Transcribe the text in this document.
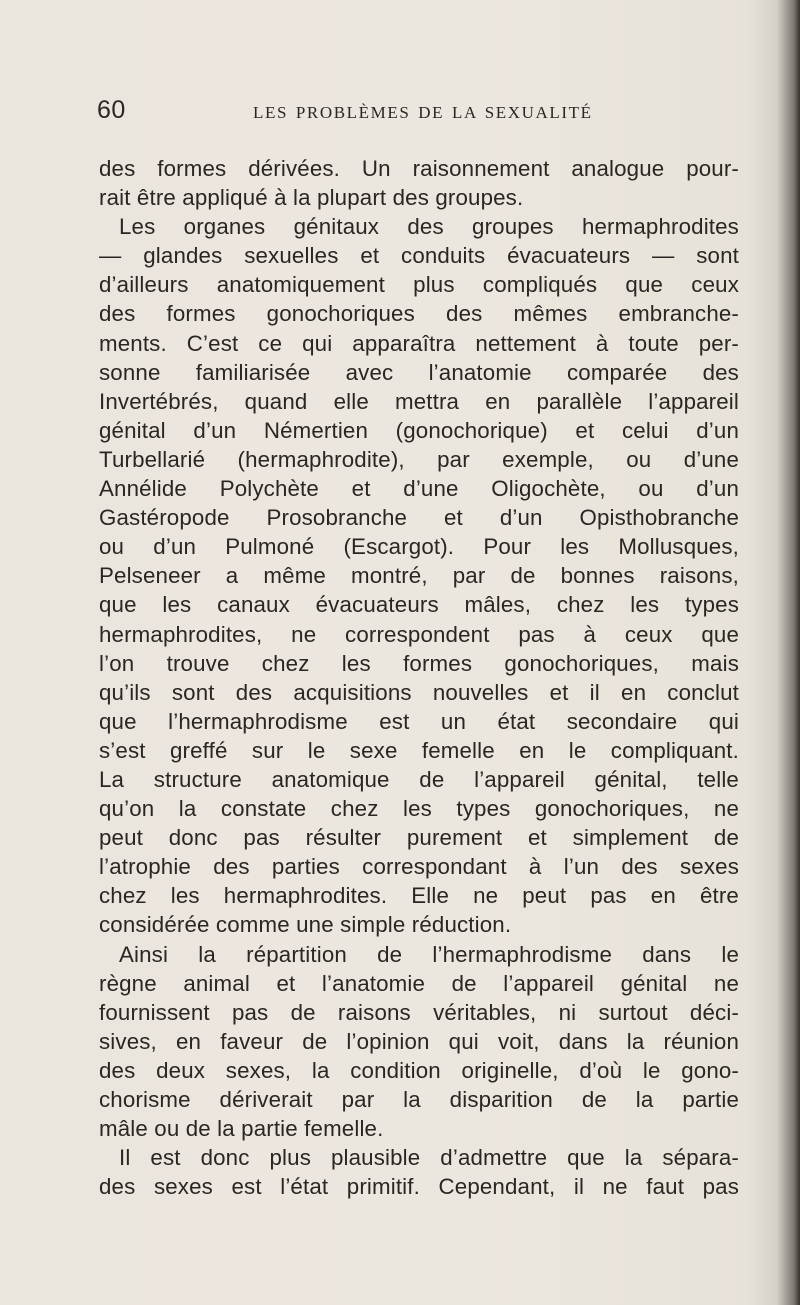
60	LES PROBLÈMES DE LA SEXUALITÉ
des formes dérivées. Un raisonnement analogue pour-
rait être appliqué à la plupart des groupes.
Les organes génitaux des groupes hermaphrodites
— glandes sexuelles et conduits évacuateurs — sont
d’ailleurs anatomiquement plus compliqués que ceux
des formes gonochoriques des mêmes embranche-
ments. C’est ce qui apparaîtra nettement à toute per-
sonne familiarisée avec l’anatomie comparée des
Invertébrés, quand elle mettra en parallèle l’appareil
génital d’un Némertien (gonochorique) et celui d’un
Turbellarié (hermaphrodite), par exemple, ou d’une
Annélide Polychète et d’une Oligochète, ou d’un
Gastéropode Prosobranche et d’un Opisthobranche
ou d’un Pulmoné (Escargot). Pour les Mollusques,
Pelseneer a même montré, par de bonnes raisons,
que les canaux évacuateurs mâles, chez les types
hermaphrodites, ne correspondent pas à ceux que
l’on trouve chez les formes gonochoriques, mais
qu’ils sont des acquisitions nouvelles et il en conclut
que l’hermaphrodisme est un état secondaire qui
s’est greffé sur le sexe femelle en le compliquant.
La structure anatomique de l’appareil génital, telle
qu’on la constate chez les types gonochoriques, ne
peut donc pas résulter purement et simplement de
l’atrophie des parties correspondant à l’un des sexes
chez les hermaphrodites. Elle ne peut pas en être
considérée comme une simple réduction.
Ainsi la répartition de l’hermaphrodisme dans le
règne animal et l’anatomie de l’appareil génital ne
fournissent pas de raisons véritables, ni surtout déci-
sives, en faveur de l’opinion qui voit, dans la réunion
des deux sexes, la condition originelle, d’où le gono-
chorisme dériverait par la disparition de la partie
mâle ou de la partie femelle.
Il est donc plus plausible d’admettre que la sépara-
des sexes est l’état primitif. Cependant, il ne faut pas
